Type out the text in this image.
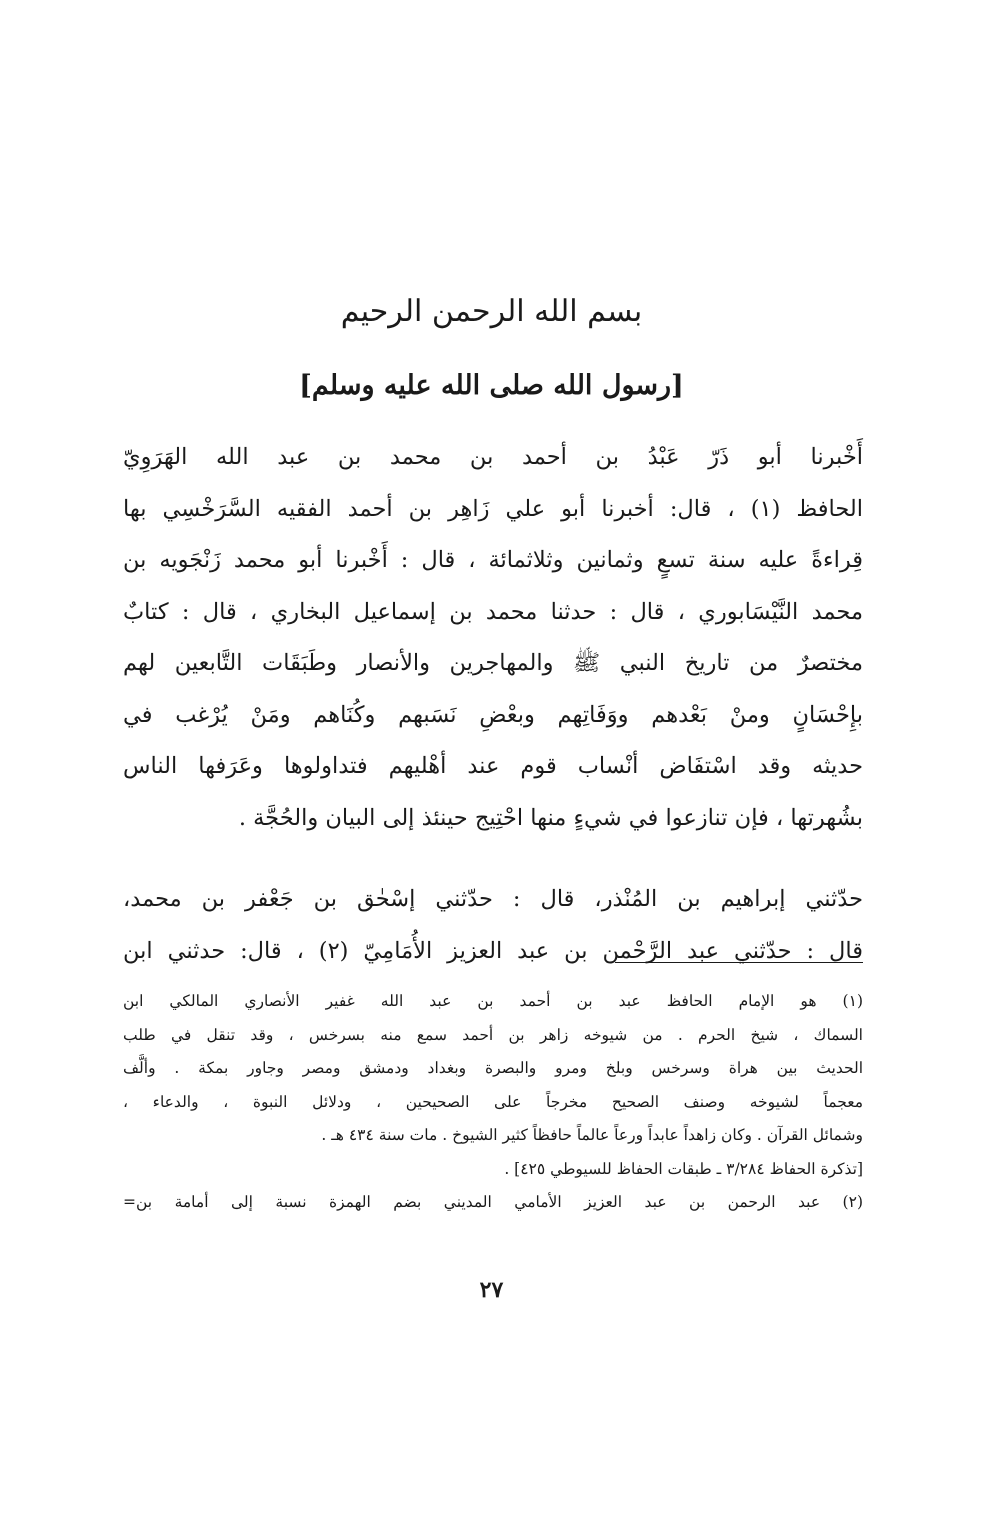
بسم الله الرحمن الرحيم
[رسول الله صلى الله عليه وسلم]
أَخْبرنا أبو ذَرّ عَبْدُ بن أحمد بن محمد بن عبد الله الهَرَوِيّ
الحافظ (١) ، قال: أخبرنا أبو علي زَاهِر بن أحمد الفقيه السَّرَخْسِي بها
قِراءةً عليه سنة تسعٍ وثمانين وثلاثمائة ، قال : أَخْبرنا أبو محمد زَنْجَويه بن
محمد النَّيْسَابوري ، قال : حدثنا محمد بن إسماعيل البخاري ، قال : كتابٌ
مختصرٌ من تاريخ النبي ﷺ والمهاجرين والأنصار وطَبَقَات التَّابعين لهم
بإِحْسَانٍ ومنْ بَعْدهم ووَفَاتِهم وبعْضِ نَسَبهم وكُنَاهم ومَنْ يُرْغب في
حديثه وقد اسْتفَاض أنْساب قوم عند أهْليهم فتداولوها وعَرَفها الناس
بشُهرتها ، فإن تنازعوا في شيءٍ منها احْتِيج حينئذ إلى البيان والحُجَّة .
حدّثني إبراهيم بن المُنْذر، قال : حدّثني إسْحٰق بن جَعْفر بن محمد،
قال : حدّثني عبد الرَّحْمن بن عبد العزيز الأُمَامِيّ (٢) ، قال: حدثني ابن
(١) هو الإمام الحافظ عبد بن أحمد بن عبد الله غفير الأنصاري المالكي ابن
السماك ، شيخ الحرم . من شيوخه زاهر بن أحمد سمع منه بسرخس ، وقد تنقل في طلب
الحديث بين هراة وسرخس وبلخ ومرو والبصرة وبغداد ودمشق ومصر وجاور بمكة . وألَّف
معجماً لشيوخه وصنف الصحيح مخرجاً على الصحيحين ، ودلائل النبوة ، والدعاء ،
وشمائل القرآن . وكان زاهداً عابداً ورعاً عالماً حافظاً كثير الشيوخ . مات سنة ٤٣٤ هـ .
[تذكرة الحفاظ ٣/٢٨٤ ـ طبقات الحفاظ للسيوطي ٤٢٥] .
(٢) عبد الرحمن بن عبد العزيز الأمامي المديني بضم الهمزة نسبة إلى أمامة بن=
٢٧
